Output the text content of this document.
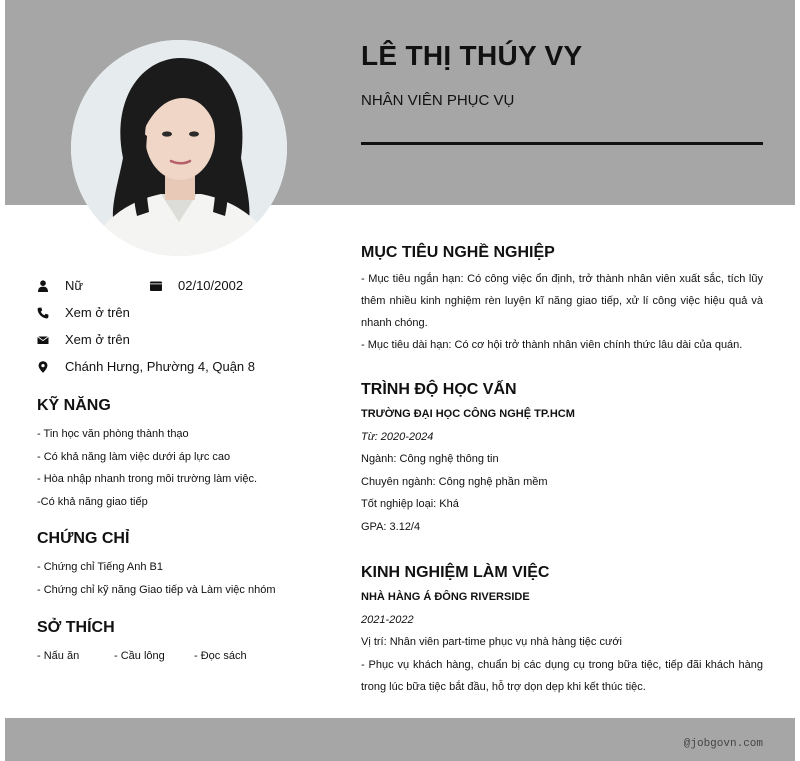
LÊ THỊ THÚY VY
NHÂN VIÊN PHỤC VỤ
Nữ	02/10/2002
Xem ở trên
Xem ở trên
Chánh Hưng, Phường 4, Quận 8
KỸ NĂNG
- Tin học văn phòng thành thạo
- Có khả năng làm việc dưới áp lực cao
- Hòa nhập nhanh trong môi trường làm việc.
-Có khả năng giao tiếp
CHỨNG CHỈ
- Chứng chỉ Tiếng Anh B1
- Chứng chỉ kỹ năng Giao tiếp và Làm việc nhóm
SỞ THÍCH
- Nấu ăn	- Cầu lông	- Đọc sách
MỤC TIÊU NGHỀ NGHIỆP
- Mục tiêu ngắn hạn: Có công việc ổn định, trở thành nhân viên xuất sắc, tích lũy thêm nhiều kinh nghiệm rèn luyện kĩ năng giao tiếp, xử lí công việc hiệu quả và nhanh chóng.
- Mục tiêu dài hạn: Có cơ hội trở thành nhân viên chính thức lâu dài của quán.
TRÌNH ĐỘ HỌC VẤN
TRƯỜNG ĐẠI HỌC CÔNG NGHỆ TP.HCM
Từ: 2020-2024
Ngành: Công nghệ thông tin
Chuyên ngành: Công nghệ phần mềm
Tốt nghiệp loại: Khá
GPA: 3.12/4
KINH NGHIỆM LÀM VIỆC
NHÀ HÀNG Á ĐÔNG RIVERSIDE
2021-2022
Vị trí: Nhân viên part-time phục vụ nhà hàng tiệc cưới
- Phục vụ khách hàng, chuẩn bị các dụng cụ trong bữa tiệc, tiếp đãi khách hàng trong lúc bữa tiệc bắt đầu, hỗ trợ dọn dẹp khi kết thúc tiệc.
@jobgovn.com
